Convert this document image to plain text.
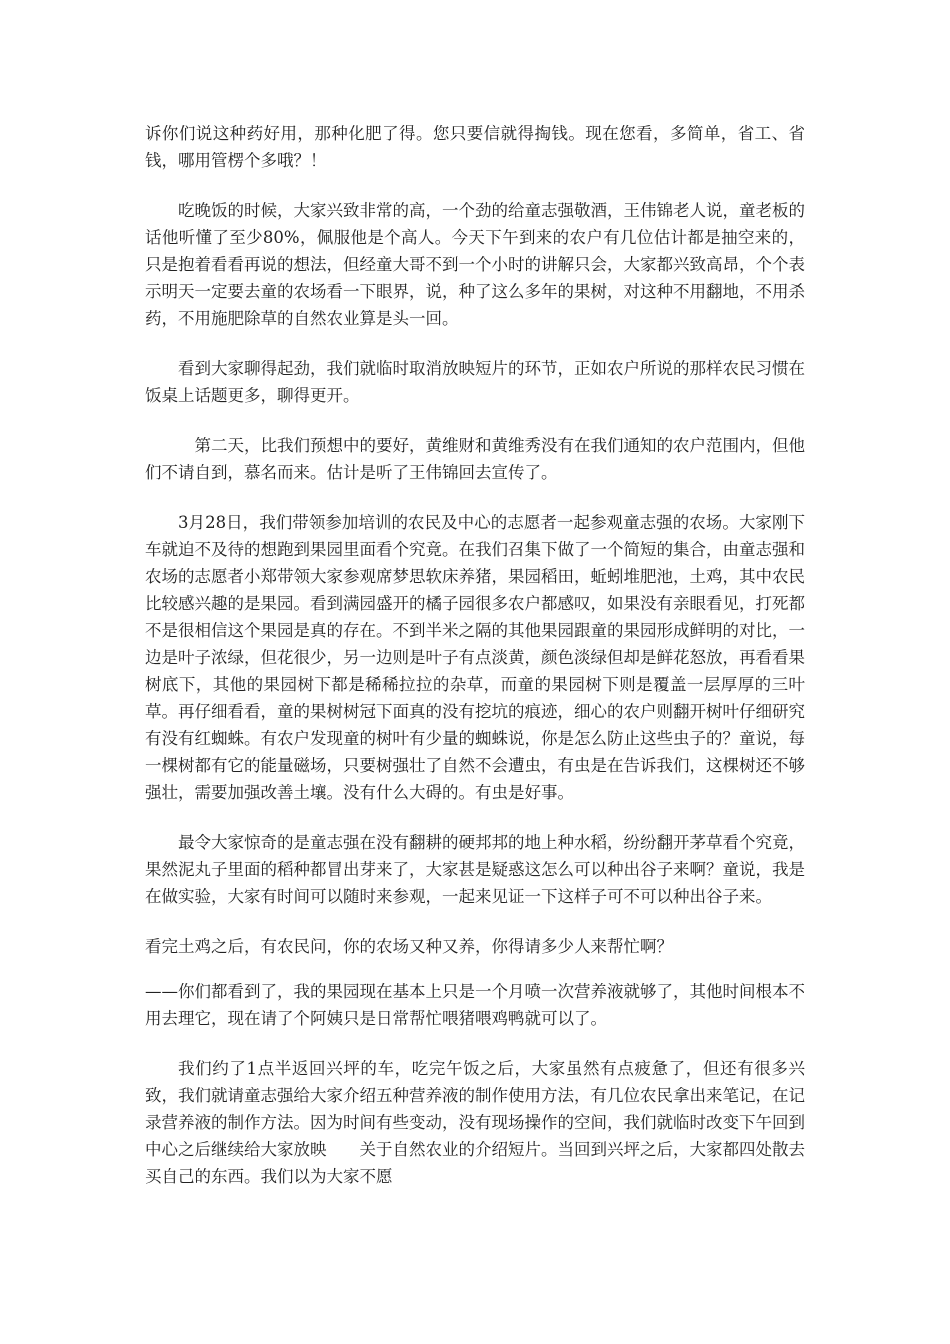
诉你们说这种药好用，那种化肥了得。您只要信就得掏钱。现在您看，多简单，省工、省钱，哪用管楞个多哦？！

吃晚饭的时候，大家兴致非常的高，一个劲的给童志强敬酒，王伟锦老人说，童老板的话他听懂了至少80%，佩服他是个高人。今天下午到来的农户有几位估计都是抽空来的，只是抱着看看再说的想法，但经童大哥不到一个小时的讲解只会，大家都兴致高昂，个个表示明天一定要去童的农场看一下眼界，说，种了这么多年的果树，对这种不用翻地，不用杀药，不用施肥除草的自然农业算是头一回。

看到大家聊得起劲，我们就临时取消放映短片的环节，正如农户所说的那样农民习惯在饭桌上话题更多，聊得更开。

第二天，比我们预想中的要好，黄维财和黄维秀没有在我们通知的农户范围内，但他们不请自到，慕名而来。估计是听了王伟锦回去宣传了。

3月28日，我们带领参加培训的农民及中心的志愿者一起参观童志强的农场。大家刚下车就迫不及待的想跑到果园里面看个究竟。在我们召集下做了一个简短的集合，由童志强和农场的志愿者小郑带领大家参观席梦思软床养猪，果园稻田，蚯蚓堆肥池，土鸡，其中农民比较感兴趣的是果园。看到满园盛开的橘子园很多农户都感叹，如果没有亲眼看见，打死都不是很相信这个果园是真的存在。不到半米之隔的其他果园跟童的果园形成鲜明的对比，一边是叶子浓绿，但花很少，另一边则是叶子有点淡黄，颜色淡绿但却是鲜花怒放，再看看果树底下，其他的果园树下都是稀稀拉拉的杂草，而童的果园树下则是覆盖一层厚厚的三叶草。再仔细看看，童的果树树冠下面真的没有挖坑的痕迹，细心的农户则翻开树叶仔细研究有没有红蜘蛛。有农户发现童的树叶有少量的蜘蛛说，你是怎么防止这些虫子的？童说，每一棵树都有它的能量磁场，只要树强壮了自然不会遭虫，有虫是在告诉我们，这棵树还不够强壮，需要加强改善土壤。没有什么大碍的。有虫是好事。

最令大家惊奇的是童志强在没有翻耕的硬邦邦的地上种水稻，纷纷翻开茅草看个究竟，果然泥丸子里面的稻种都冒出芽来了，大家甚是疑惑这怎么可以种出谷子来啊？童说，我是在做实验，大家有时间可以随时来参观，一起来见证一下这样子可不可以种出谷子来。

看完土鸡之后，有农民问，你的农场又种又养，你得请多少人来帮忙啊？

——你们都看到了，我的果园现在基本上只是一个月喷一次营养液就够了，其他时间根本不用去理它，现在请了个阿姨只是日常帮忙喂猪喂鸡鸭就可以了。

我们约了1点半返回兴坪的车，吃完午饭之后，大家虽然有点疲惫了，但还有很多兴致，我们就请童志强给大家介绍五种营养液的制作使用方法，有几位农民拿出来笔记，在记录营养液的制作方法。因为时间有些变动，没有现场操作的空间，我们就临时改变下午回到中心之后继续给大家放映　　关于自然农业的介绍短片。当回到兴坪之后，大家都四处散去买自己的东西。我们以为大家不愿
